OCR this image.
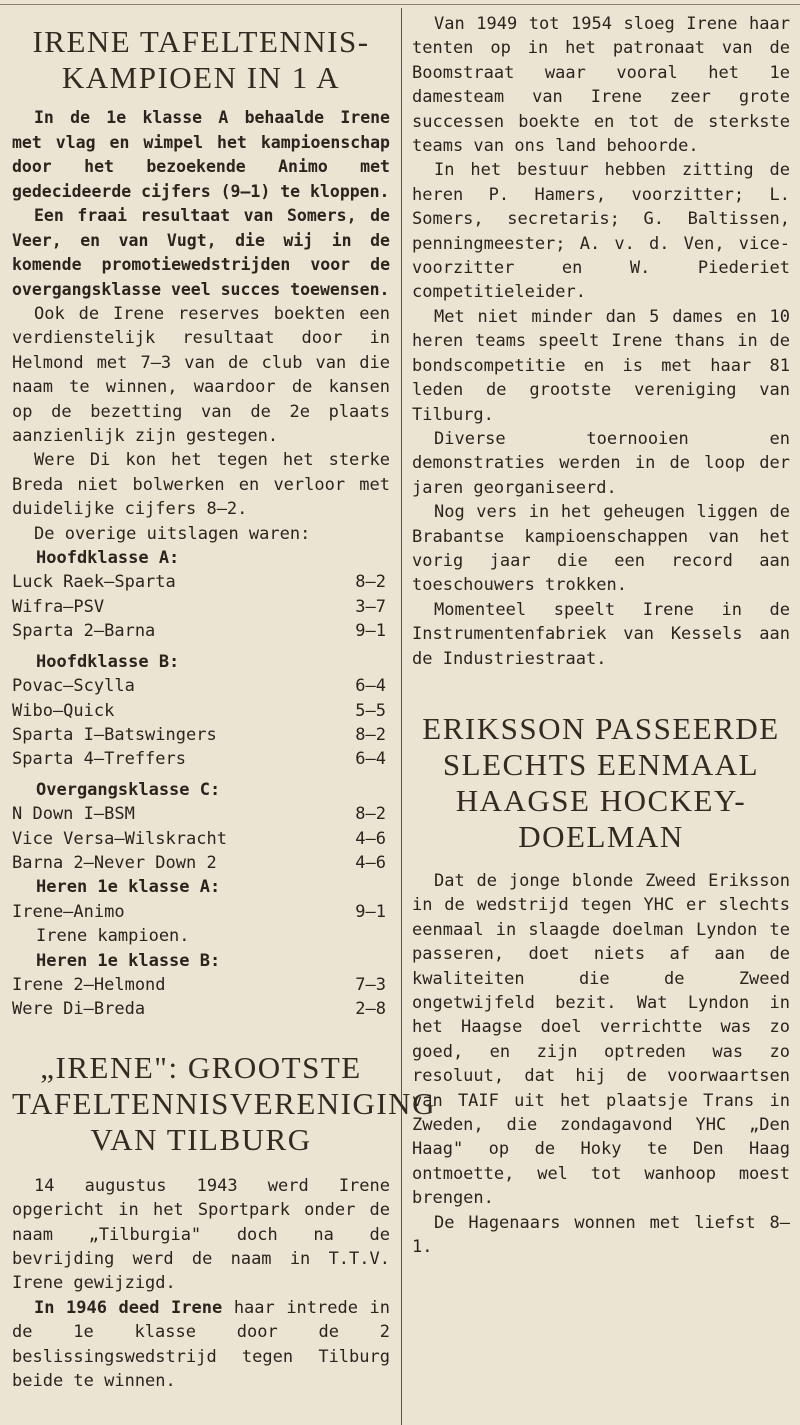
IRENE TAFELTENNIS-KAMPIOEN IN 1 A

In de 1e klasse A behaalde Irene met vlag en wimpel het kampioenschap door het bezoekende Animo met gedecideerde cijfers (9—1) te kloppen.

Een fraai resultaat van Somers, de Veer, en van Vugt, die wij in de komende promotiewedstrijden voor de overgangsklasse veel succes toewensen.

Ook de Irene reserves boekten een verdienstelijk resultaat door in Helmond met 7—3 van de club van die naam te winnen, waardoor de kansen op de bezetting van de 2e plaats aanzienlijk zijn gestegen.

Were Di kon het tegen het sterke Breda niet bolwerken en verloor met duidelijke cijfers 8—2.

De overige uitslagen waren:

Hoofdklasse A:
Luck Raek—Sparta	8—2
Wifra—PSV	3—7
Sparta 2—Barna	9—1
Hoofdklasse B:
Povac—Scylla	6—4
Wibo—Quick	5—5
Sparta I—Batswingers	8—2
Sparta 4—Treffers	6—4
Overgangsklasse C:
N Down I—BSM	8—2
Vice Versa—Wilskracht	4—6
Barna 2—Never Down 2	4—6
Heren 1e klasse A:
Irene—Animo	9—1
Irene kampioen.
Heren 1e klasse B:
Irene 2—Helmond	7—3
Were Di—Breda	2—8
„IRENE": GROOTSTE TAFELTENNISVERENIGING VAN TILBURG

14 augustus 1943 werd Irene opgericht in het Sportpark onder de naam „Tilburgia" doch na de bevrijding werd de naam in T.T.V. Irene gewijzigd.

In 1946 deed Irene haar intrede in de 1e klasse door de 2 beslissingswedstrijd tegen Tilburg beide te winnen.

Van 1949 tot 1954 sloeg Irene haar tenten op in het patronaat van de Boomstraat waar vooral het 1e damesteam van Irene zeer grote successen boekte en tot de sterkste teams van ons land behoorde.

In het bestuur hebben zitting de heren P. Hamers, voorzitter; L. Somers, secretaris; G. Baltissen, penningmeester; A. v. d. Ven, vice-voorzitter en W. Piederiet competitieleider.

Met niet minder dan 5 dames en 10 heren teams speelt Irene thans in de bondscompetitie en is met haar 81 leden de grootste vereniging van Tilburg.

Diverse toernooien en demonstraties werden in de loop der jaren georganiseerd.

Nog vers in het geheugen liggen de Brabantse kampioenschappen van het vorig jaar die een record aan toeschouwers trokken.

Momenteel speelt Irene in de Instrumentenfabriek van Kessels aan de Industriestraat.

ERIKSSON PASSEERDE SLECHTS EENMAAL HAAGSE HOCKEY-DOELMAN

Dat de jonge blonde Zweed Eriksson in de wedstrijd tegen YHC er slechts eenmaal in slaagde doelman Lyndon te passeren, doet niets af aan de kwaliteiten die de Zweed ongetwijfeld bezit. Wat Lyndon in het Haagse doel verrichtte was zo goed, en zijn optreden was zo resoluut, dat hij de voorwaartsen van TAIF uit het plaatsje Trans in Zweden, die zondagavond YHC „Den Haag" op de Hoky te Den Haag ontmoette, wel tot wanhoop moest brengen.

De Hagenaars wonnen met liefst 8—1.
